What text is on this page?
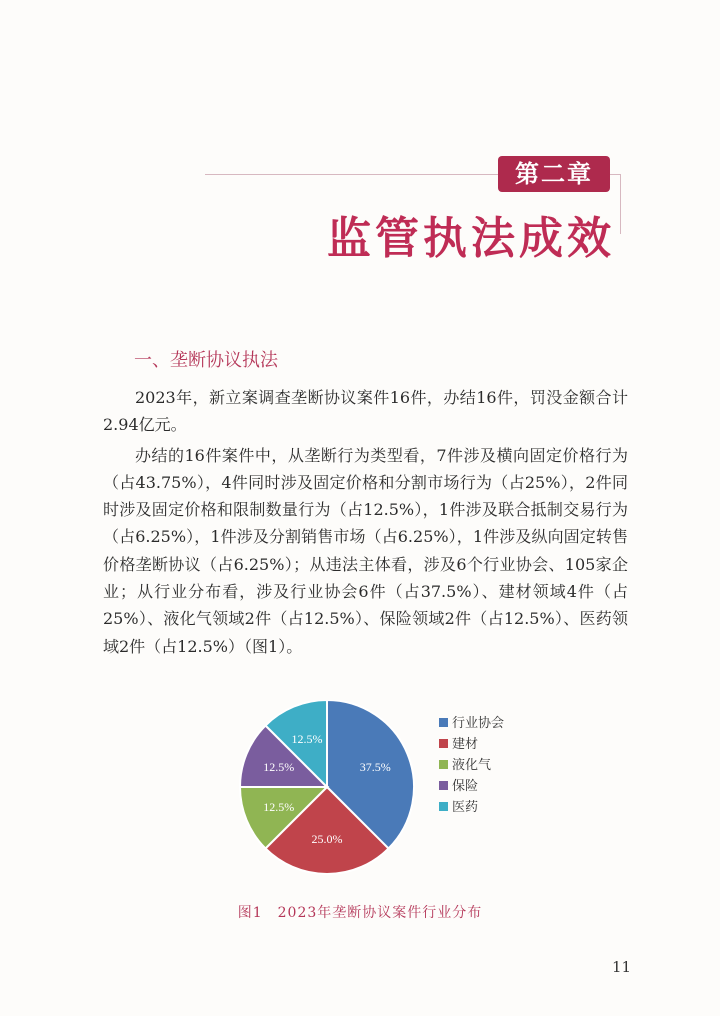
第二章
监管执法成效
一、垄断协议执法

2023年，新立案调查垄断协议案件16件，办结16件，罚没金额合计2.94亿元。

办结的16件案件中，从垄断行为类型看，7件涉及横向固定价格行为（占43.75%），4件同时涉及固定价格和分割市场行为（占25%），2件同时涉及固定价格和限制数量行为（占12.5%），1件涉及联合抵制交易行为（占6.25%），1件涉及分割销售市场（占6.25%），1件涉及纵向固定转售价格垄断协议（占6.25%）；从违法主体看，涉及6个行业协会、105家企业；从行业分布看，涉及行业协会6件（占37.5%）、建材领域4件（占25%）、液化气领域2件（占12.5%）、保险领域2件（占12.5%）、医药领域2件（占12.5%）（图1）。

37.5%
25.0%
12.5%
12.5%
12.5%
行业协会
建材
液化气
保险
医药
图1　2023年垄断协议案件行业分布
11
